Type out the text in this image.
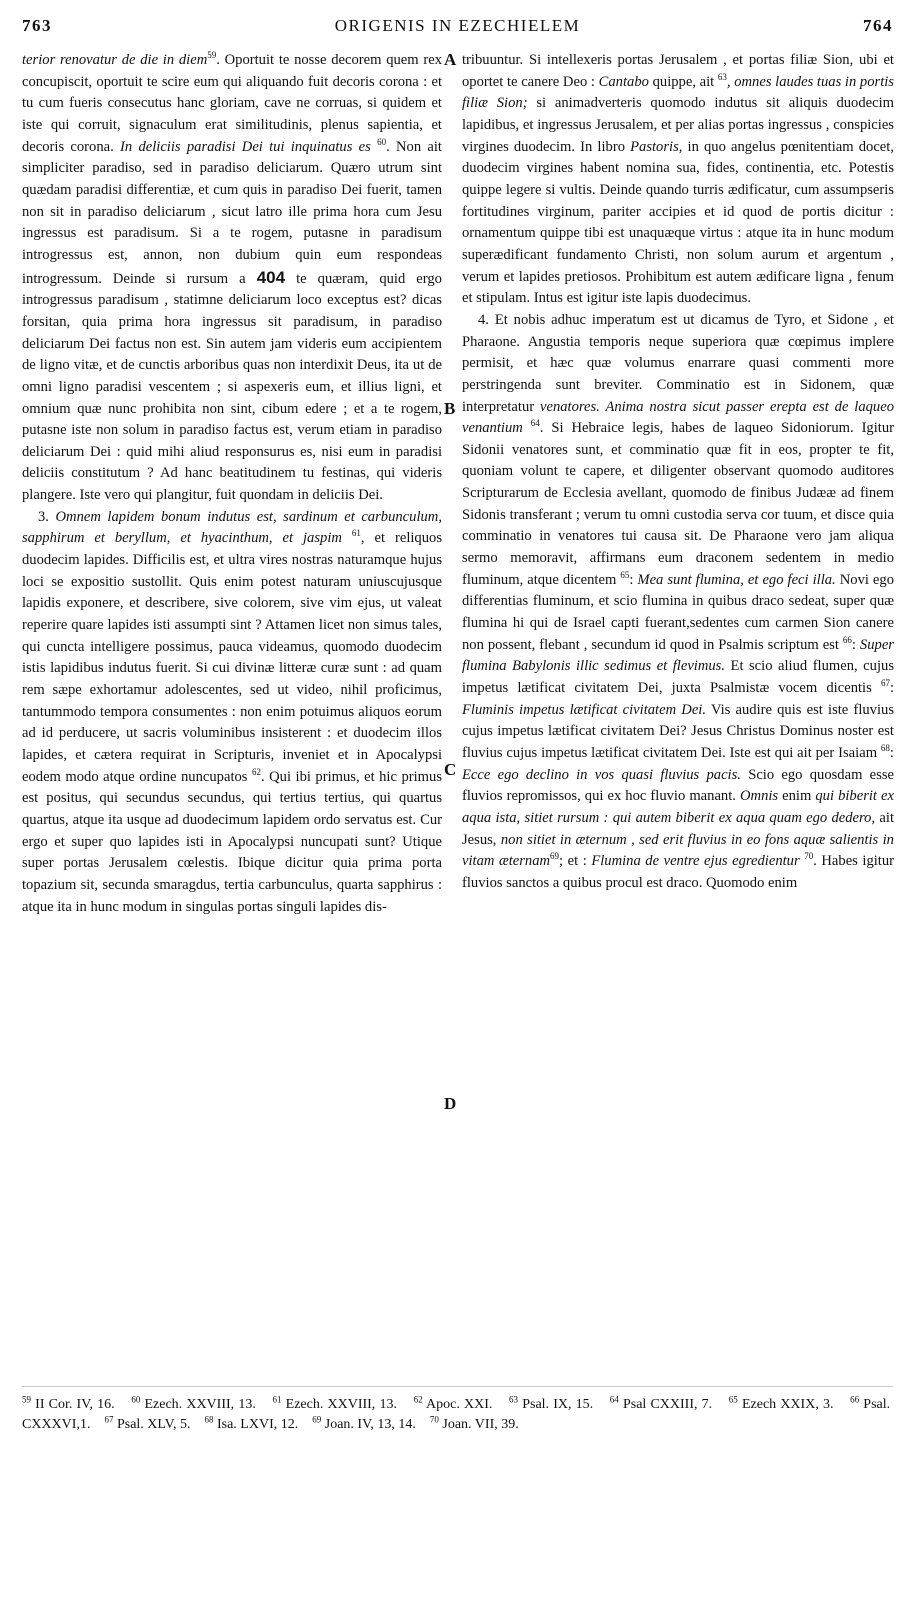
763	ORIGENIS IN EZECHIELEM	764
A
B
C
D

terior renovatur de die in diem$^{59}$. Oportuit te nosse decorem quem rex concupiscit, oportuit te scire eum qui aliquando fuit decoris corona : et tu cum fueris consecutus hanc gloriam, cave ne corruas, si quidem et iste qui corruit, signaculum erat similitudinis, plenus sapientia, et decoris corona. In deliciis paradisi Dei tui inquinatus es $^{60}$. Non ait simpliciter paradiso, sed in paradiso deliciarum. Quæro utrum sint quædam paradisi differentiæ, et cum quis in paradiso Dei fuerit, tamen non sit in paradiso deliciarum , sicut latro ille prima hora cum Jesu ingressus est paradisum. Si a te rogem, putasne in paradisum introgressus est, annon, non dubium quin eum respondeas introgressum. Deinde si rursum a 404 te quæram, quid ergo introgressus paradisum , statimne deliciarum loco exceptus est? dicas forsitan, quia prima hora ingressus sit paradisum, in paradiso deliciarum Dei factus non est. Sin autem jam videris eum accipientem de ligno vitæ, et de cunctis arboribus quas non interdixit Deus, ita ut de omni ligno paradisi vescentem ; si aspexeris eum, et illius ligni, et omnium quæ nunc prohibita non sint, cibum edere ; et a te rogem, putasne iste non solum in paradiso factus est, verum etiam in paradiso deliciarum Dei : quid mihi aliud responsurus es, nisi eum in paradisi deliciis constitutum ? Ad hanc beatitudinem tu festinas, qui videris plangere. Iste vero qui plangitur, fuit quondam in deliciis Dei.

3. Omnem lapidem bonum indutus est, sardinum et carbunculum, sapphirum et beryllum, et hyacinthum, et jaspim $^{61}$, et reliquos duodecim lapides. Difficilis est, et ultra vires nostras naturamque hujus loci se expositio sustollit. Quis enim potest naturam uniuscujusque lapidis exponere, et describere, sive colorem, sive vim ejus, ut valeat reperire quare lapides isti assumpti sint ? Attamen licet non simus tales, qui cuncta intelligere possimus, pauca videamus, quomodo duodecim istis lapidibus indutus fuerit. Si cui divinæ litteræ curæ sunt : ad quam rem sæpe exhortamur adolescentes, sed ut video, nihil proficimus, tantummodo tempora consumentes : non enim potuimus aliquos eorum ad id perducere, ut sacris voluminibus insisterent : et duodecim illos lapides, et cætera requirat in Scripturis, inveniet et in Apocalypsi eodem modo atque ordine nuncupatos $^{62}$. Qui ibi primus, et hic primus est positus, qui secundus secundus, qui tertius tertius, qui quartus quartus, atque ita usque ad duodecimum lapidem ordo servatus est. Cur ergo et super quo lapides isti in Apocalypsi nuncupati sunt? Utique super portas Jerusalem cœlestis. Ibique dicitur quia prima porta topazium sit, secunda smaragdus, tertia carbunculus, quarta sapphirus : atque ita in hunc modum in singulas portas singuli lapides dis-

tribuuntur. Si intellexeris portas Jerusalem , et portas filiæ Sion, ubi et oportet te canere Deo : Cantabo quippe, ait $^{63}$, omnes laudes tuas in portis filiæ Sion; si animadverteris quomodo indutus sit aliquis duodecim lapidibus, et ingressus Jerusalem, et per alias portas ingressus , conspicies virgines duodecim. In libro Pastoris, in quo angelus pœnitentiam docet, duodecim virgines habent nomina sua, fides, continentia, etc. Potestis quippe legere si vultis. Deinde quando turris ædificatur, cum assumpseris fortitudines virginum, pariter accipies et id quod de portis dicitur : ornamentum quippe tibi est unaquæque virtus : atque ita in hunc modum superædificant fundamento Christi, non solum aurum et argentum , verum et lapides pretiosos. Prohibitum est autem ædificare ligna , fenum et stipulam. Intus est igitur iste lapis duodecimus.

4. Et nobis adhuc imperatum est ut dicamus de Tyro, et Sidone , et Pharaone. Angustia temporis neque superiora quæ cœpimus implere permisit, et hæc quæ volumus enarrare quasi commenti more perstringenda sunt breviter. Comminatio est in Sidonem, quæ interpretatur venatores. Anima nostra sicut passer erepta est de laqueo venantium $^{64}$. Si Hebraice legis, habes de laqueo Sidoniorum. Igitur Sidonii venatores sunt, et comminatio quæ fit in eos, propter te fit, quoniam volunt te capere, et diligenter observant quomodo auditores Scripturarum de Ecclesia avellant, quomodo de finibus Judææ ad finem Sidonis transferant ; verum tu omni custodia serva cor tuum, et disce quia comminatio in venatores tui causa sit. De Pharaone vero jam aliqua sermo memoravit, affirmans eum draconem sedentem in medio fluminum, atque dicentem $^{65}$: Mea sunt flumina, et ego feci illa. Novi ego differentias fluminum, et scio flumina in quibus draco sedeat, super quæ flumina hi qui de Israel capti fuerant,sedentes cum carmen Sion canere non possent, flebant , secundum id quod in Psalmis scriptum est $^{66}$: Super flumina Babylonis illic sedimus et flevimus. Et scio aliud flumen, cujus impetus lætificat civitatem Dei, juxta Psalmistæ vocem dicentis $^{67}$: Fluminis impetus lætificat civitatem Dei. Vis audire quis est iste fluvius cujus impetus lætificat civitatem Dei? Jesus Christus Dominus noster est fluvius cujus impetus lætificat civitatem Dei. Iste est qui ait per Isaiam $^{68}$: Ecce ego declino in vos quasi fluvius pacis. Scio ego quosdam esse fluvios repromissos, qui ex hoc fluvio manant. Omnis enim qui biberit ex aqua ista, sitiet rursum : qui autem biberit ex aqua quam ego dedero, ait Jesus, non sitiet in æternum , sed erit fluvius in eo fons aquæ salientis in vitam æternam$^{69}$; et : Flumina de ventre ejus egredientur $^{70}$. Habes igitur fluvios sanctos a quibus procul est draco. Quomodo enim

$^{59}$ II Cor. IV, 16. $^{60}$ Ezech. XXVIII, 13. $^{61}$ Ezech. XXVIII, 13. $^{62}$ Apoc. XXI. $^{63}$ Psal. IX, 15. $^{64}$ Psal CXXIII, 7. $^{65}$ Ezech XXIX, 3. $^{66}$ Psal. CXXXVI,1. $^{67}$ Psal. XLV, 5. $^{68}$ Isa. LXVI, 12. $^{69}$ Joan. IV, 13, 14. $^{70}$ Joan. VII, 39.
